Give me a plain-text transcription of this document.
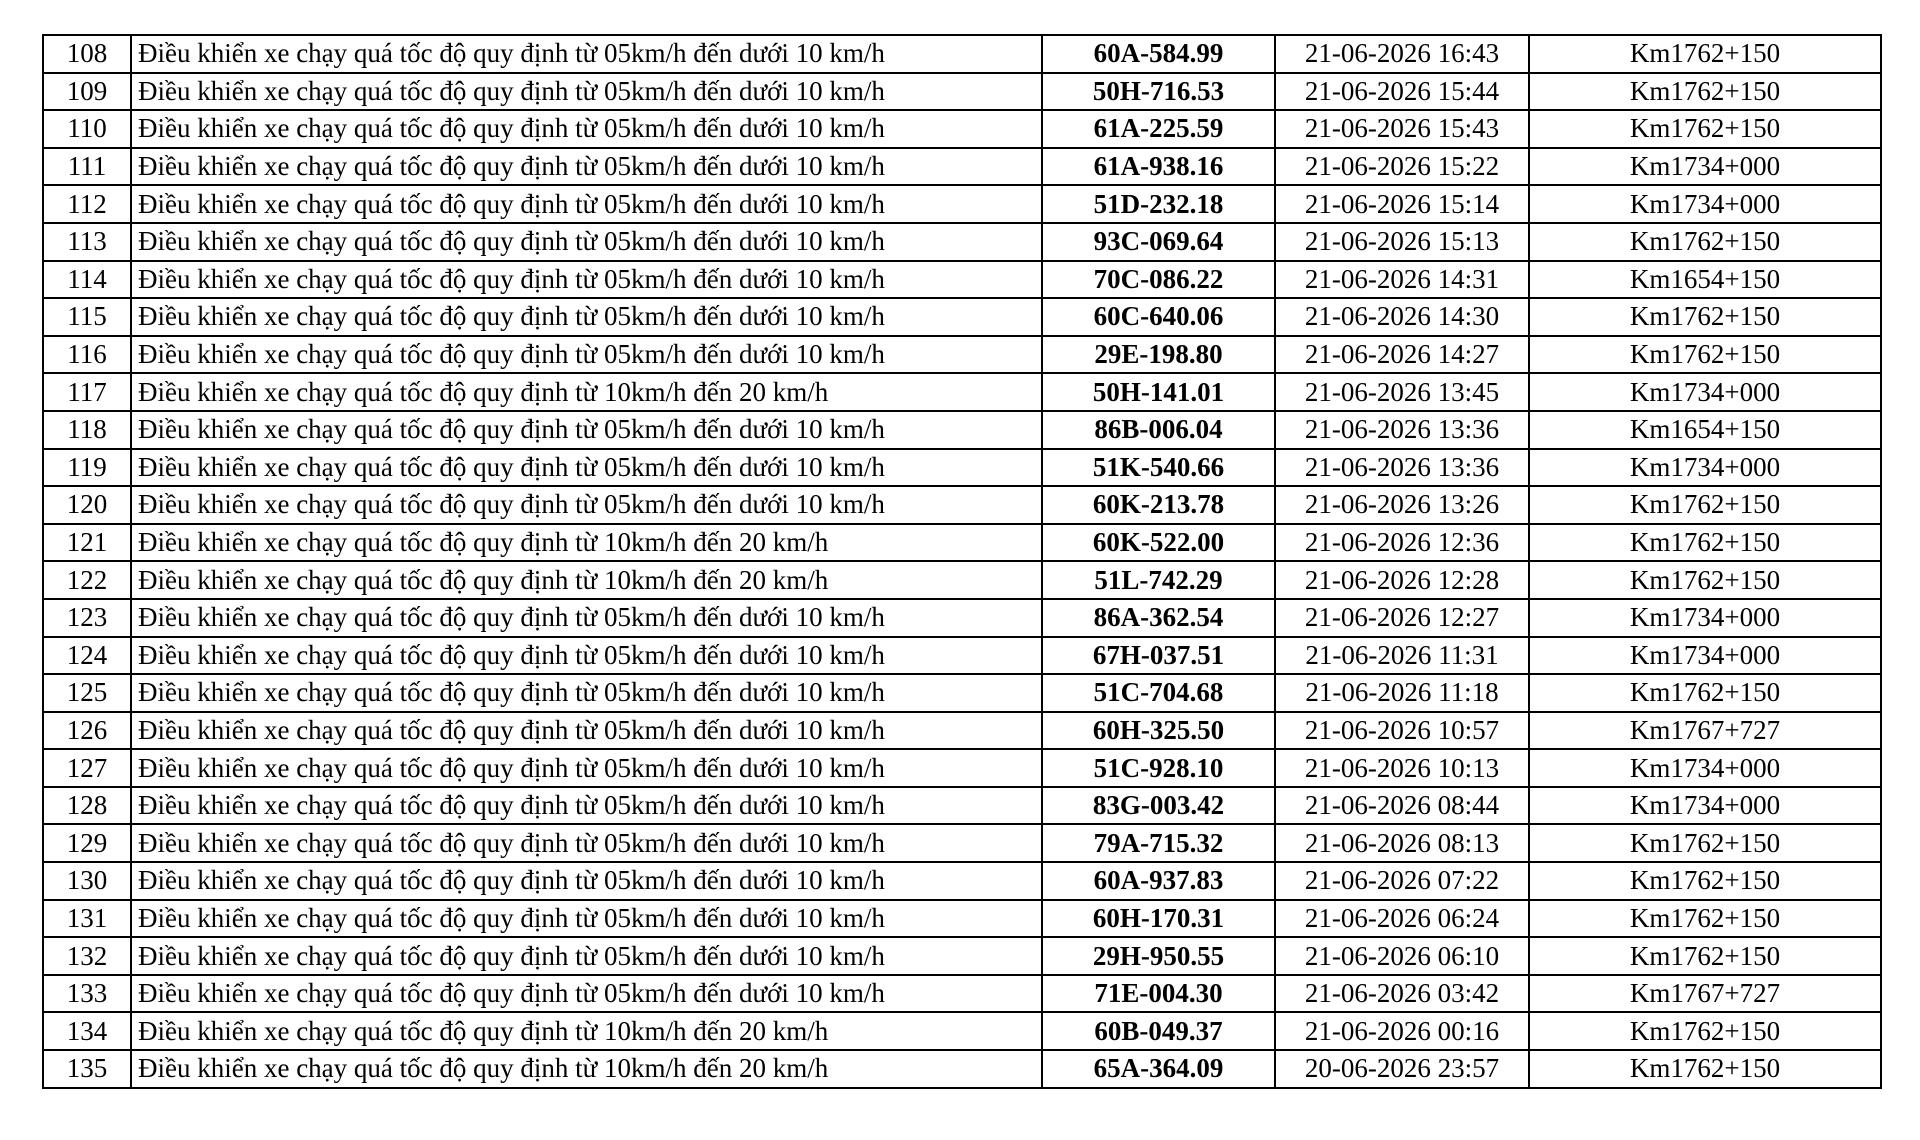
108	Điều khiển xe chạy quá tốc độ quy định từ 05km/h đến dưới 10 km/h	60A-584.99	21-06-2026 16:43	Km1762+150
109	Điều khiển xe chạy quá tốc độ quy định từ 05km/h đến dưới 10 km/h	50H-716.53	21-06-2026 15:44	Km1762+150
110	Điều khiển xe chạy quá tốc độ quy định từ 05km/h đến dưới 10 km/h	61A-225.59	21-06-2026 15:43	Km1762+150
111	Điều khiển xe chạy quá tốc độ quy định từ 05km/h đến dưới 10 km/h	61A-938.16	21-06-2026 15:22	Km1734+000
112	Điều khiển xe chạy quá tốc độ quy định từ 05km/h đến dưới 10 km/h	51D-232.18	21-06-2026 15:14	Km1734+000
113	Điều khiển xe chạy quá tốc độ quy định từ 05km/h đến dưới 10 km/h	93C-069.64	21-06-2026 15:13	Km1762+150
114	Điều khiển xe chạy quá tốc độ quy định từ 05km/h đến dưới 10 km/h	70C-086.22	21-06-2026 14:31	Km1654+150
115	Điều khiển xe chạy quá tốc độ quy định từ 05km/h đến dưới 10 km/h	60C-640.06	21-06-2026 14:30	Km1762+150
116	Điều khiển xe chạy quá tốc độ quy định từ 05km/h đến dưới 10 km/h	29E-198.80	21-06-2026 14:27	Km1762+150
117	Điều khiển xe chạy quá tốc độ quy định từ 10km/h đến 20 km/h	50H-141.01	21-06-2026 13:45	Km1734+000
118	Điều khiển xe chạy quá tốc độ quy định từ 05km/h đến dưới 10 km/h	86B-006.04	21-06-2026 13:36	Km1654+150
119	Điều khiển xe chạy quá tốc độ quy định từ 05km/h đến dưới 10 km/h	51K-540.66	21-06-2026 13:36	Km1734+000
120	Điều khiển xe chạy quá tốc độ quy định từ 05km/h đến dưới 10 km/h	60K-213.78	21-06-2026 13:26	Km1762+150
121	Điều khiển xe chạy quá tốc độ quy định từ 10km/h đến 20 km/h	60K-522.00	21-06-2026 12:36	Km1762+150
122	Điều khiển xe chạy quá tốc độ quy định từ 10km/h đến 20 km/h	51L-742.29	21-06-2026 12:28	Km1762+150
123	Điều khiển xe chạy quá tốc độ quy định từ 05km/h đến dưới 10 km/h	86A-362.54	21-06-2026 12:27	Km1734+000
124	Điều khiển xe chạy quá tốc độ quy định từ 05km/h đến dưới 10 km/h	67H-037.51	21-06-2026 11:31	Km1734+000
125	Điều khiển xe chạy quá tốc độ quy định từ 05km/h đến dưới 10 km/h	51C-704.68	21-06-2026 11:18	Km1762+150
126	Điều khiển xe chạy quá tốc độ quy định từ 05km/h đến dưới 10 km/h	60H-325.50	21-06-2026 10:57	Km1767+727
127	Điều khiển xe chạy quá tốc độ quy định từ 05km/h đến dưới 10 km/h	51C-928.10	21-06-2026 10:13	Km1734+000
128	Điều khiển xe chạy quá tốc độ quy định từ 05km/h đến dưới 10 km/h	83G-003.42	21-06-2026 08:44	Km1734+000
129	Điều khiển xe chạy quá tốc độ quy định từ 05km/h đến dưới 10 km/h	79A-715.32	21-06-2026 08:13	Km1762+150
130	Điều khiển xe chạy quá tốc độ quy định từ 05km/h đến dưới 10 km/h	60A-937.83	21-06-2026 07:22	Km1762+150
131	Điều khiển xe chạy quá tốc độ quy định từ 05km/h đến dưới 10 km/h	60H-170.31	21-06-2026 06:24	Km1762+150
132	Điều khiển xe chạy quá tốc độ quy định từ 05km/h đến dưới 10 km/h	29H-950.55	21-06-2026 06:10	Km1762+150
133	Điều khiển xe chạy quá tốc độ quy định từ 05km/h đến dưới 10 km/h	71E-004.30	21-06-2026 03:42	Km1767+727
134	Điều khiển xe chạy quá tốc độ quy định từ 10km/h đến 20 km/h	60B-049.37	21-06-2026 00:16	Km1762+150
135	Điều khiển xe chạy quá tốc độ quy định từ 10km/h đến 20 km/h	65A-364.09	20-06-2026 23:57	Km1762+150
